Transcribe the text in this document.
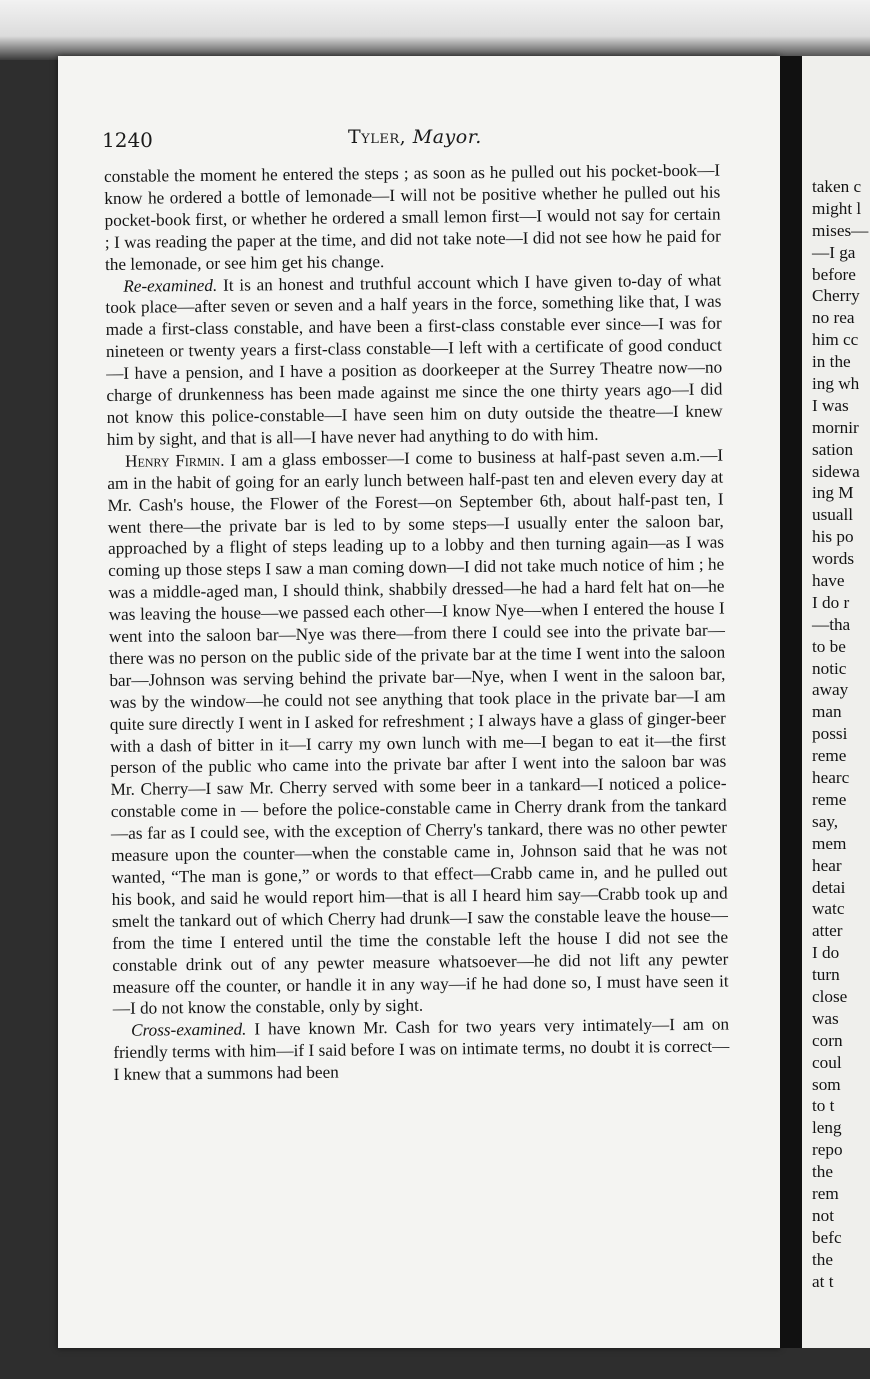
1240	Tyler, Mayor.

constable the moment he entered the steps ; as soon as he pulled out his pocket-book—I know he ordered a bottle of lemonade—I will not be positive whether he pulled out his pocket-book first, or whether he ordered a small lemon first—I would not say for certain ; I was reading the paper at the time, and did not take note—I did not see how he paid for the lemonade, or see him get his change.

Re-examined. It is an honest and truthful account which I have given to-day of what took place—after seven or seven and a half years in the force, something like that, I was made a first-class constable, and have been a first-class constable ever since—I was for nineteen or twenty years a first-class constable—I left with a certificate of good conduct—I have a pension, and I have a position as doorkeeper at the Surrey Theatre now—no charge of drunkenness has been made against me since the one thirty years ago—I did not know this police-constable—I have seen him on duty outside the theatre—I knew him by sight, and that is all—I have never had anything to do with him.

Henry Firmin. I am a glass embosser—I come to business at half-past seven a.m.—I am in the habit of going for an early lunch between half-past ten and eleven every day at Mr. Cash's house, the Flower of the Forest—on September 6th, about half-past ten, I went there—the private bar is led to by some steps—I usually enter the saloon bar, approached by a flight of steps leading up to a lobby and then turning again—as I was coming up those steps I saw a man coming down—I did not take much notice of him ; he was a middle-aged man, I should think, shabbily dressed—he had a hard felt hat on—he was leaving the house—we passed each other—I know Nye—when I entered the house I went into the saloon bar—Nye was there—from there I could see into the private bar—there was no person on the public side of the private bar at the time I went into the saloon bar—Johnson was serving behind the private bar—Nye, when I went in the saloon bar, was by the window—he could not see anything that took place in the private bar—I am quite sure directly I went in I asked for refreshment ; I always have a glass of ginger-beer with a dash of bitter in it—I carry my own lunch with me—I began to eat it—the first person of the public who came into the private bar after I went into the saloon bar was Mr. Cherry—I saw Mr. Cherry served with some beer in a tankard—I noticed a police-constable come in — before the police-constable came in Cherry drank from the tankard—as far as I could see, with the exception of Cherry's tankard, there was no other pewter measure upon the counter—when the constable came in, Johnson said that he was not wanted, “The man is gone,” or words to that effect—Crabb came in, and he pulled out his book, and said he would report him—that is all I heard him say—Crabb took up and smelt the tankard out of which Cherry had drunk—I saw the constable leave the house—from the time I entered until the time the constable left the house I did not see the constable drink out of any pewter measure whatsoever—he did not lift any pewter measure off the counter, or handle it in any way—if he had done so, I must have seen it—I do not know the constable, only by sight.

Cross-examined. I have known Mr. Cash for two years very intimately—I am on friendly terms with him—if I said before I was on intimate terms, no doubt it is correct—I knew that a summons had been

taken c
might l
mises—
—I ga
before
Cherry
no rea
him cc
in the
ing wh
I was
mornir
sation
sidewa
ing M
usuall
his po
words
have
I do r
—tha
to be
notic
away
man
possi
reme
hearc
reme
say,
mem
hear
detai
watc
atter
I do
turn
close
was
corn
coul
som
to t
leng
repo
the
rem
not
befc
the
at t
